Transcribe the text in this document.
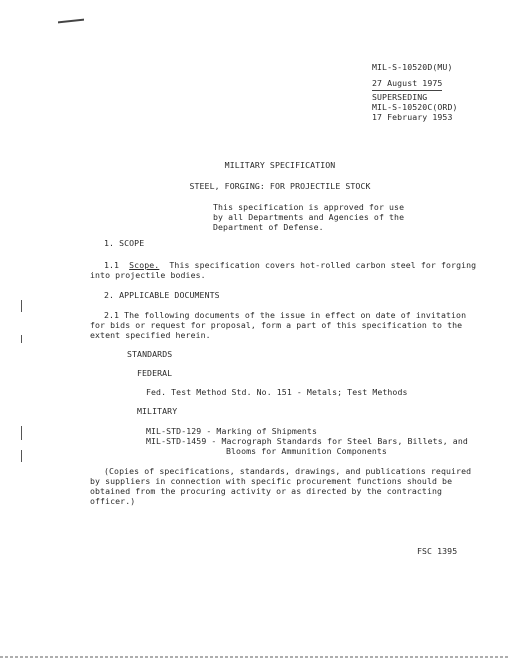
MIL-S-10520D(MU)
27 August 1975
SUPERSEDING
MIL-S-10520C(ORD)
17 February 1953
MILITARY SPECIFICATION
STEEL, FORGING: FOR PROJECTILE STOCK
This specification is approved for use
by all Departments and Agencies of the
Department of Defense.
1. SCOPE
1.1 Scope. This specification covers hot-rolled carbon steel for forging
into projectile bodies.
2. APPLICABLE DOCUMENTS
2.1 The following documents of the issue in effect on date of invitation
for bids or request for proposal, form a part of this specification to the
extent specified herein.
STANDARDS
FEDERAL
Fed. Test Method Std. No. 151 - Metals; Test Methods
MILITARY
MIL-STD-129 - Marking of Shipments
MIL-STD-1459 - Macrograph Standards for Steel Bars, Billets, and
Blooms for Ammunition Components
(Copies of specifications, standards, drawings, and publications required
by suppliers in connection with specific procurement functions should be
obtained from the procuring activity or as directed by the contracting
officer.)
FSC 1395
